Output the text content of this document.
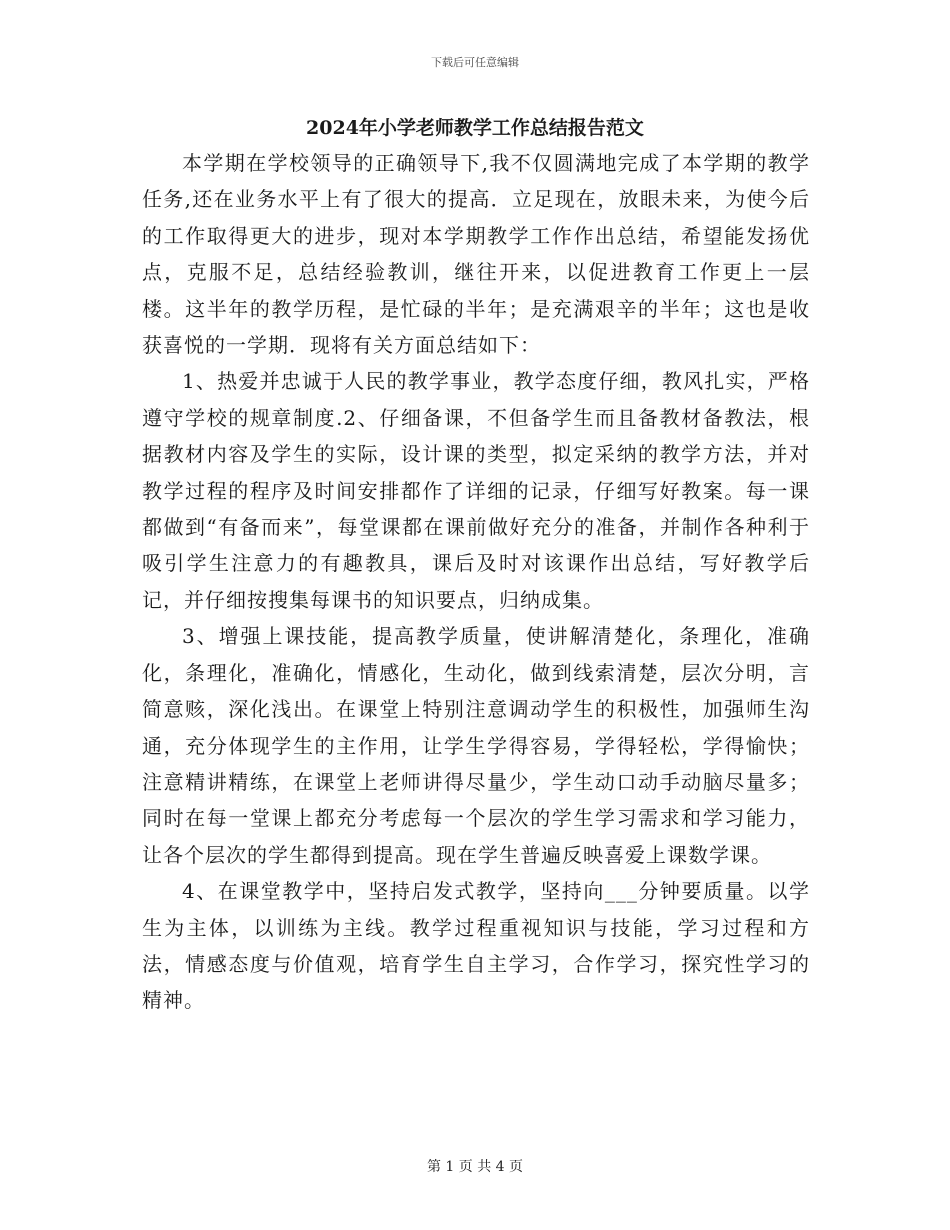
下载后可任意编辑
2024年小学老师教学工作总结报告范文

本学期在学校领导的正确领导下,我不仅圆满地完成了本学期的教学任务,还在业务水平上有了很大的提高．立足现在，放眼未来，为使今后的工作取得更大的进步，现对本学期教学工作作出总结，希望能发扬优点，克服不足，总结经验教训，继往开来，以促进教育工作更上一层楼。这半年的教学历程，是忙碌的半年；是充满艰辛的半年；这也是收获喜悦的一学期．现将有关方面总结如下：

1、热爱并忠诚于人民的教学事业，教学态度仔细，教风扎实，严格遵守学校的规章制度.2、仔细备课，不但备学生而且备教材备教法，根据教材内容及学生的实际，设计课的类型，拟定采纳的教学方法，并对教学过程的程序及时间安排都作了详细的记录，仔细写好教案。每一课都做到“有备而来”，每堂课都在课前做好充分的准备，并制作各种利于吸引学生注意力的有趣教具，课后及时对该课作出总结，写好教学后记，并仔细按搜集每课书的知识要点，归纳成集。

3、增强上课技能，提高教学质量，使讲解清楚化，条理化，准确化，条理化，准确化，情感化，生动化，做到线索清楚，层次分明，言简意赅，深化浅出。在课堂上特别注意调动学生的积极性，加强师生沟通，充分体现学生的主作用，让学生学得容易，学得轻松，学得愉快；注意精讲精练，在课堂上老师讲得尽量少，学生动口动手动脑尽量多；同时在每一堂课上都充分考虑每一个层次的学生学习需求和学习能力，让各个层次的学生都得到提高。现在学生普遍反映喜爱上课数学课。

4、在课堂教学中，坚持启发式教学，坚持向___分钟要质量。以学生为主体，以训练为主线。教学过程重视知识与技能，学习过程和方法，情感态度与价值观，培育学生自主学习，合作学习，探究性学习的精神。

第 1 页 共 4 页
